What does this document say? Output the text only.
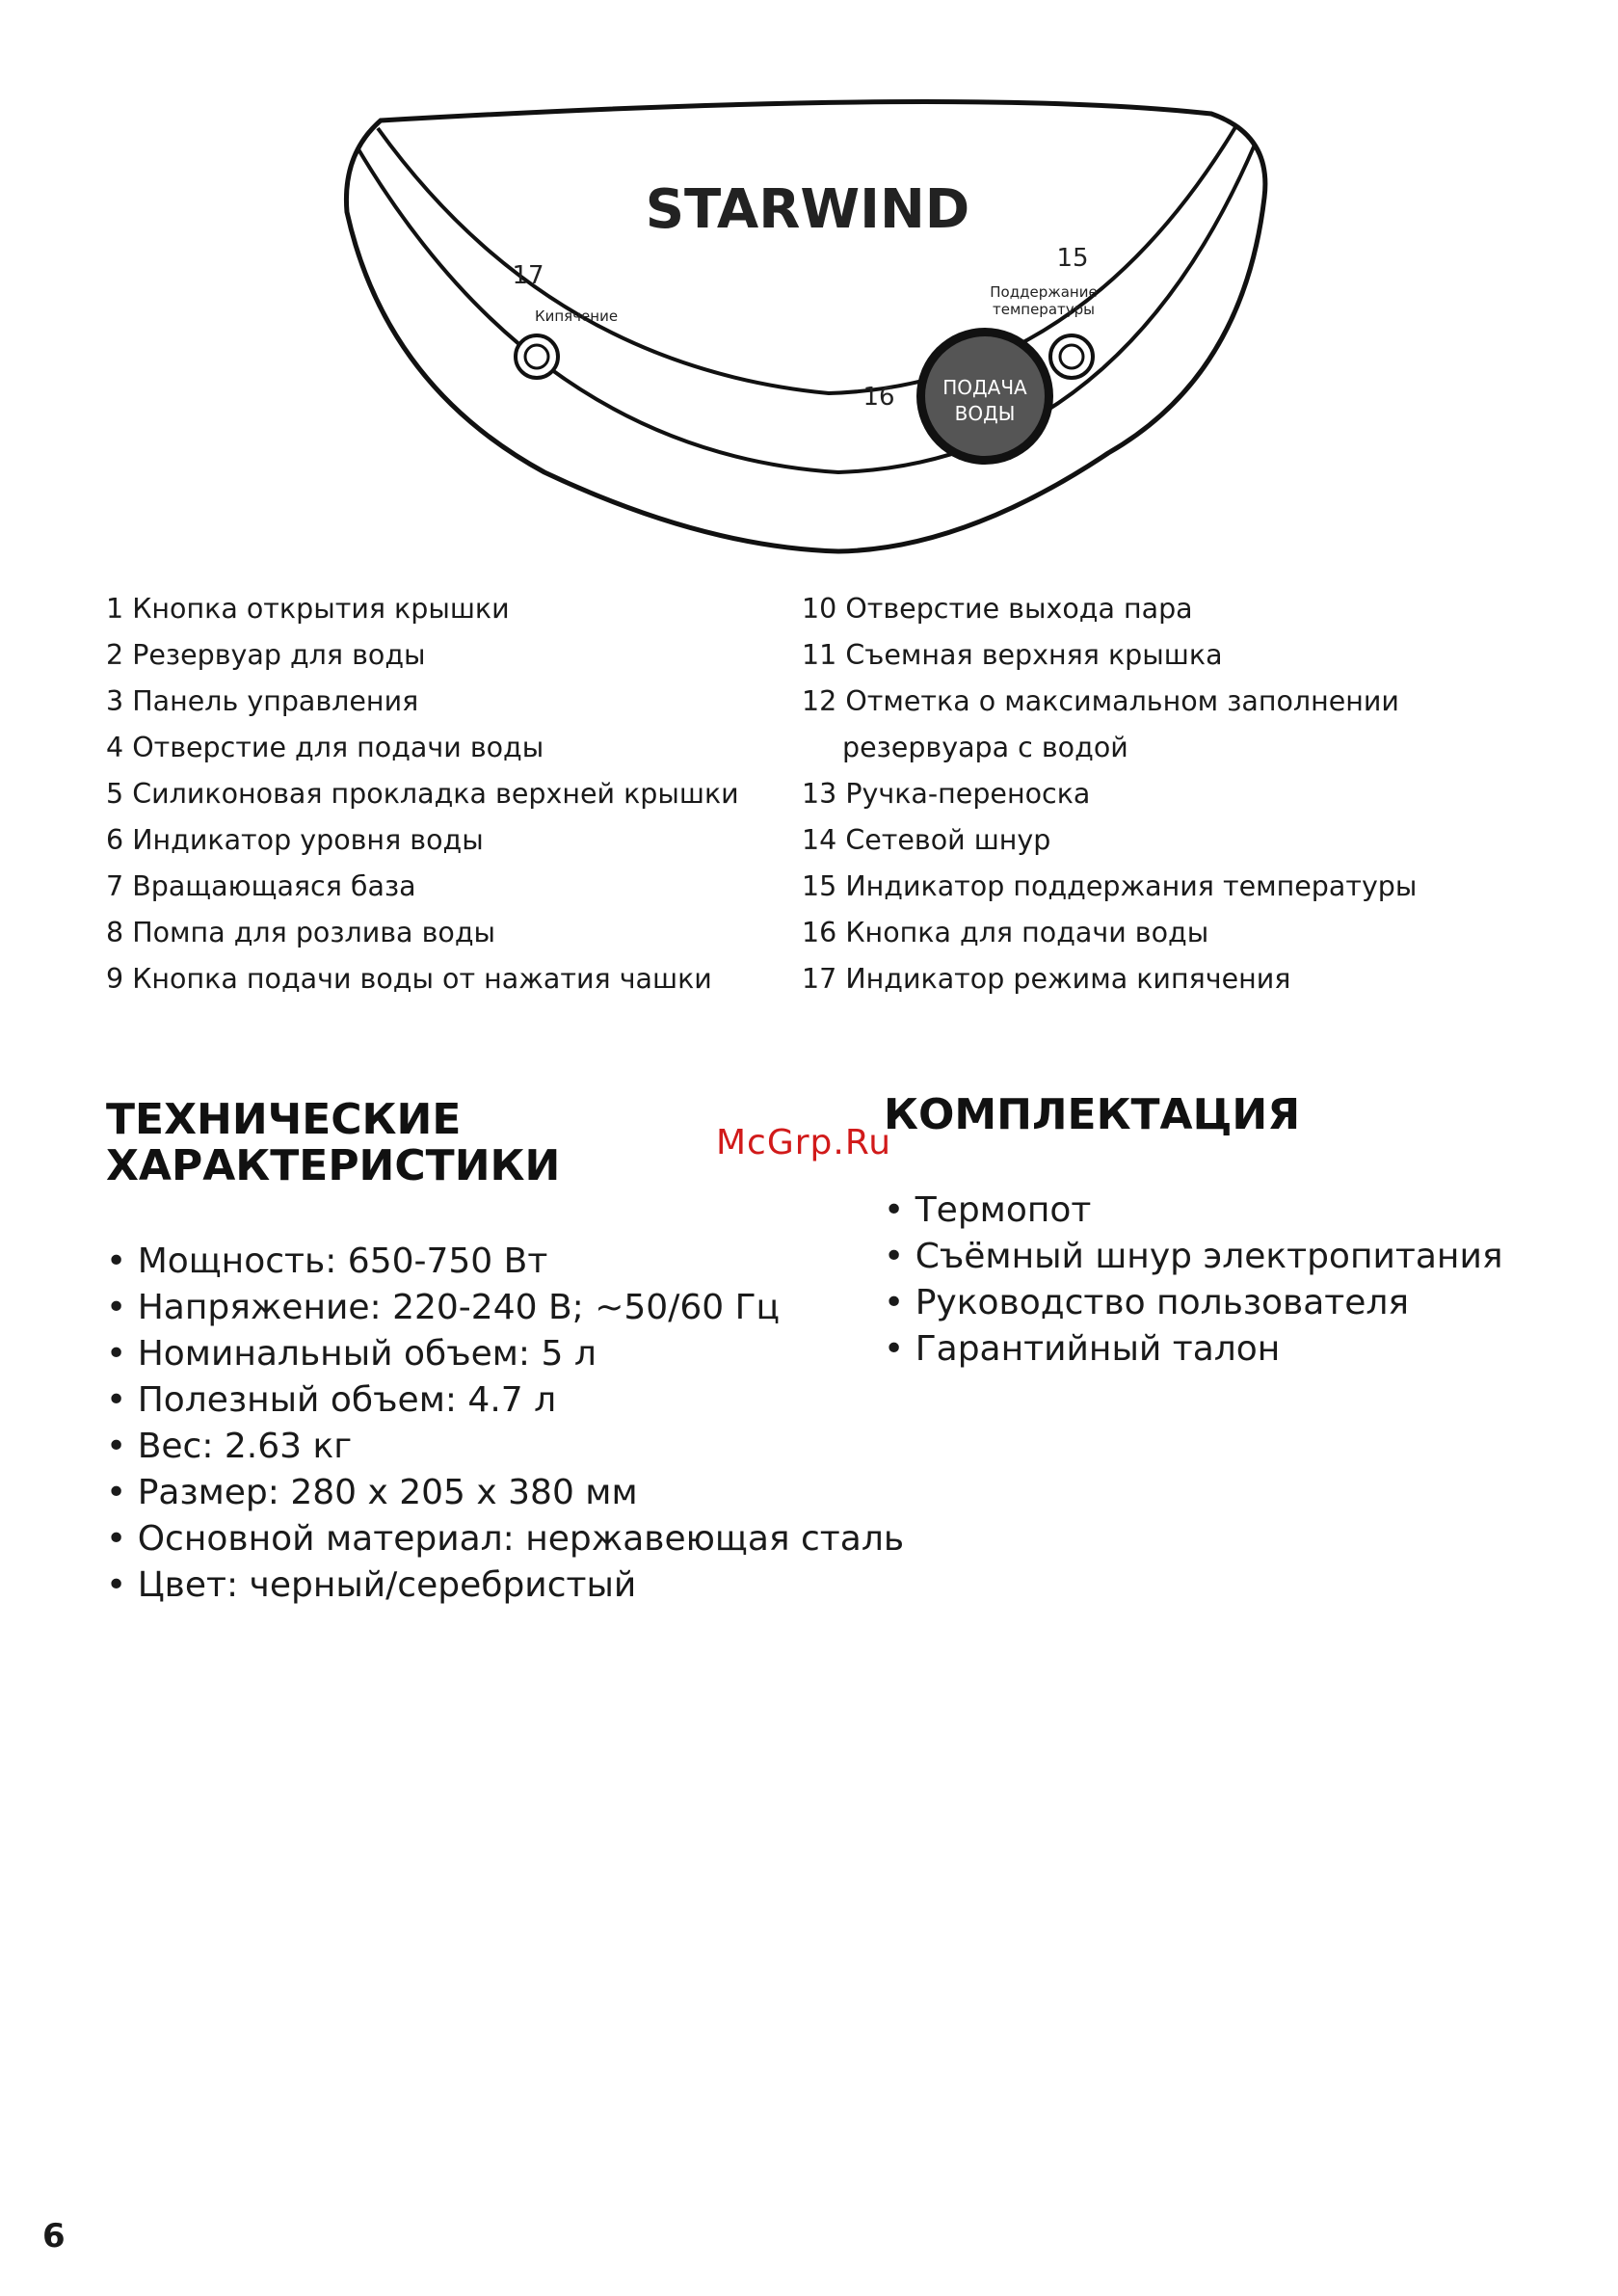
STARWIND
17
Кипячение
15
Поддержание
температуры
16 ПОДАЧА
ВОДЫ
1 Кнопка открытия крышки
2 Резервуар для воды
3 Панель управления
4 Отверстие для подачи воды
5 Силиконовая прокладка верхней крышки
6 Индикатор уровня воды
7 Вращающаяся база
8 Помпа для розлива воды
9 Кнопка подачи воды от нажатия чашки
10 Отверстие выхода пара
11 Съемная верхняя крышка
12 Отметка о максимальном заполнении
резервуара с водой
13 Ручка-переноска
14 Сетевой шнур
15 Индикатор поддержания температуры
16 Кнопка для подачи воды
17 Индикатор режима кипячения
ТЕХНИЧЕСКИЕ
ХАРАКТЕРИСТИКИ
КОМПЛЕКТАЦИЯ
McGrp.Ru
• Мощность: 650-750 Вт
• Напряжение: 220-240 В; ~50/60 Гц
• Номинальный объем: 5 л
• Полезный объем: 4.7 л
• Вес: 2.63 кг
• Размер: 280 х 205 х 380 мм
• Основной материал: нержавеющая сталь
• Цвет: черный/серебристый
• Термопот
• Съёмный шнур электропитания
• Руководство пользователя
• Гарантийный талон
6
